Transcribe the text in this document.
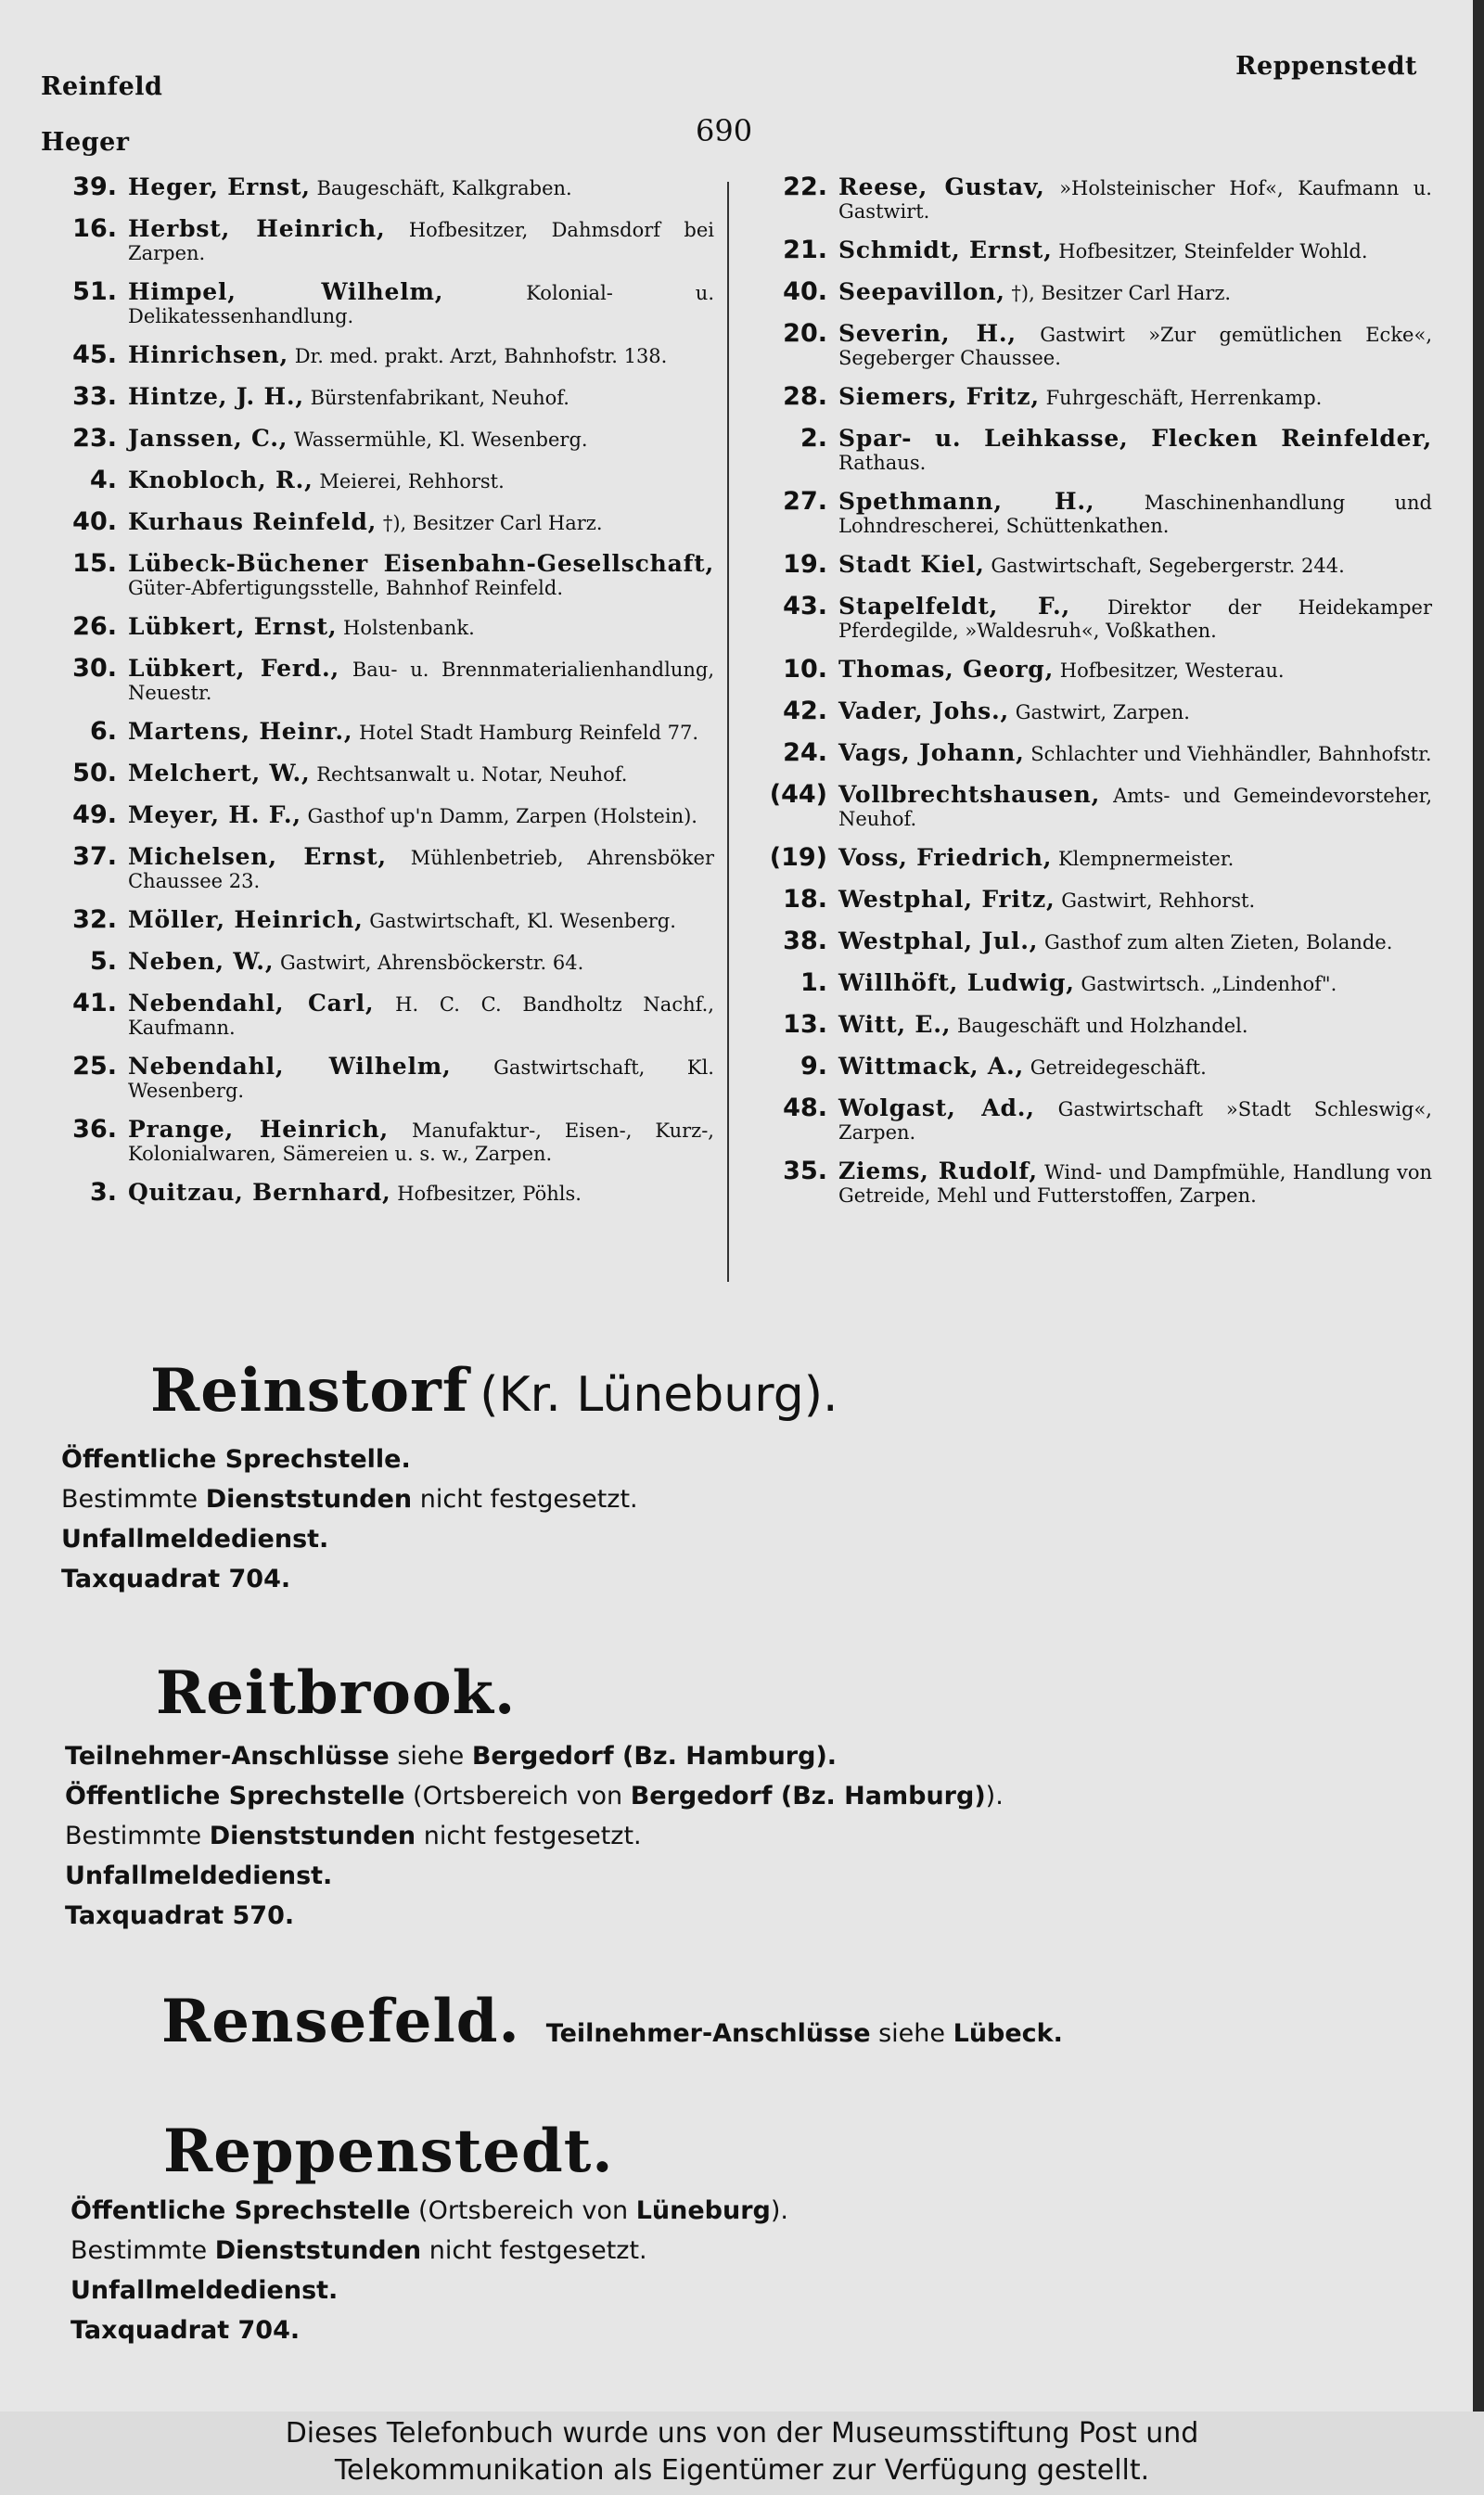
Reinfeld
Heger	690
Reppenstedt
39. Heger, Ernst, Baugeschäft, Kalkgraben.
16. Herbst, Heinrich, Hofbesitzer, Dahmsdorf bei Zarpen.
51. Himpel, Wilhelm,	Kolonial- u. Delikatessenhandlung.
45. Hinrichsen, Dr. med. prakt. Arzt, Bahnhofstr. 138.
33. Hintze, J. H., Bürstenfabrikant, Neuhof.
23. Janssen, C., Wassermühle, Kl. Wesenberg.
4. Knobloch, R., Meierei, Rehhorst.
40. Kurhaus Reinfeld, †), Besitzer Carl Harz.
15. Lübeck-Büchener Eisenbahn-Gesellschaft, Güter-Abfertigungsstelle, Bahnhof Reinfeld.
26. Lübkert, Ernst, Holstenbank.
30. Lübkert, Ferd., Bau- u. Brennmaterialienhandlung, Neuestr.
6. Martens, Heinr., Hotel Stadt Hamburg Reinfeld 77.
50. Melchert, W., Rechtsanwalt u. Notar, Neuhof.
49. Meyer, H. F., Gasthof up'n Damm, Zarpen (Holstein).
37. Michelsen, Ernst, Mühlenbetrieb, Ahrensböker Chaussee 23.
32. Möller, Heinrich, Gastwirtschaft, Kl. Wesenberg.
5. Neben, W., Gastwirt, Ahrensböckerstr. 64.
41. Nebendahl, Carl, H. C. C. Bandholtz Nachf., Kaufmann.
25. Nebendahl, Wilhelm, Gastwirtschaft, Kl. Wesenberg.
36. Prange, Heinrich, Manufaktur-, Eisen-, Kurz-, Kolonialwaren, Sämereien u. s. w., Zarpen.
3. Quitzau, Bernhard, Hofbesitzer, Pöhls.
22. Reese, Gustav, »Holsteinischer Hof«, Kaufmann u. Gastwirt.
21. Schmidt, Ernst, Hofbesitzer, Steinfelder Wohld.
40. Seepavillon, †), Besitzer Carl Harz.
20. Severin, H., Gastwirt »Zur gemütlichen Ecke«, Segeberger Chaussee.
28. Siemers, Fritz, Fuhrgeschäft, Herrenkamp.
2. Spar- u. Leihkasse, Flecken Reinfelder, Rathaus.
27. Spethmann, H.,	Maschinenhandlung und Lohndrescherei, Schüttenkathen.
19. Stadt Kiel, Gastwirtschaft, Segebergerstr. 244.
43. Stapelfeldt, F., Direktor der Heidekamper Pferdegilde, »Waldesruh«, Voßkathen.
10. Thomas, Georg, Hofbesitzer, Westerau.
42. Vader, Johs., Gastwirt, Zarpen.
24. Vags, Johann, Schlachter und Viehhändler, Bahnhofstr.
(44) Vollbrechtshausen, Amts- und Gemeindevorsteher, Neuhof.
(19) Voss, Friedrich, Klempnermeister.
18. Westphal, Fritz, Gastwirt, Rehhorst.
38. Westphal, Jul., Gasthof zum alten Zieten, Bolande.
1. Willhöft, Ludwig, Gastwirtsch. „Lindenhof".
13. Witt, E., Baugeschäft und Holzhandel.
9. Wittmack, A., Getreidegeschäft.
48. Wolgast, Ad., Gastwirtschaft »Stadt Schleswig«, Zarpen.
35. Ziems, Rudolf, Wind- und Dampfmühle, Handlung von Getreide, Mehl und Futterstoffen, Zarpen.
Reinstorf (Kr. Lüneburg).
Öffentliche Sprechstelle.
Bestimmte Dienststunden nicht festgesetzt.
Unfallmeldedienst.
Taxquadrat 704.
Reitbrook.
Teilnehmer-Anschlüsse siehe Bergedorf (Bz. Hamburg).
Öffentliche Sprechstelle (Ortsbereich von Bergedorf (Bz. Hamburg)).
Bestimmte Dienststunden nicht festgesetzt.
Unfallmeldedienst.
Taxquadrat 570.
Rensefeld. Teilnehmer-Anschlüsse siehe Lübeck.
Reppenstedt.
Öffentliche Sprechstelle (Ortsbereich von Lüneburg).
Bestimmte Dienststunden nicht festgesetzt.
Unfallmeldedienst.
Taxquadrat 704.
Dieses Telefonbuch wurde uns von der Museumsstiftung Post und
Telekommunikation als Eigentümer zur Verfügung gestellt.
